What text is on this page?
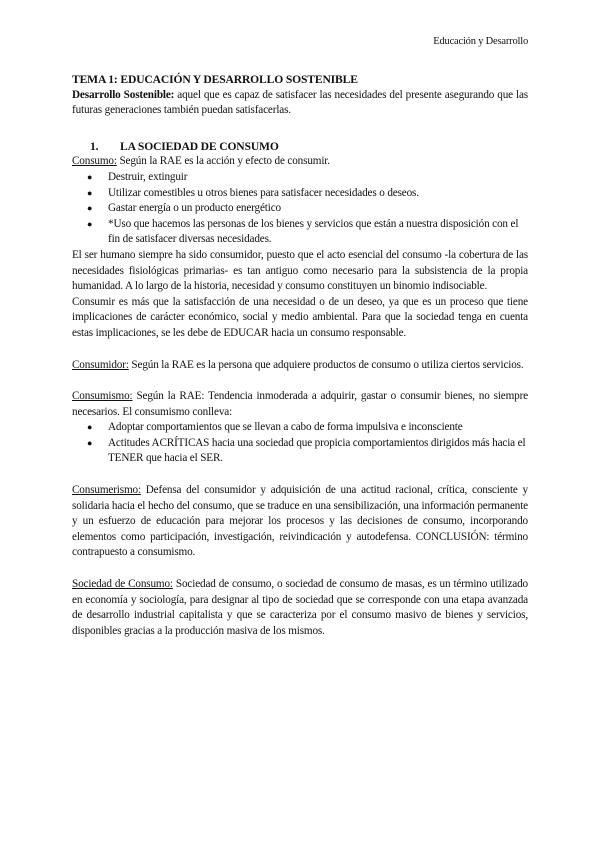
Educación y Desarrollo

TEMA 1: EDUCACIÓN Y DESARROLLO SOSTENIBLE

Desarrollo Sostenible: aquel que es capaz de satisfacer las necesidades del presente asegurando que las futuras generaciones también puedan satisfacerlas.

1.	LA SOCIEDAD DE CONSUMO

Consumo: Según la RAE es la acción y efecto de consumir.

● Destruir, extinguir
● Utilizar comestibles u otros bienes para satisfacer necesidades o deseos.
● Gastar energía o un producto energético
● *Uso que hacemos las personas de los bienes y servicios que están a nuestra disposición con el fin de satisfacer diversas necesidades.

El ser humano siempre ha sido consumidor, puesto que el acto esencial del consumo -la cobertura de las necesidades fisiológicas primarias- es tan antiguo como necesario para la subsistencia de la propia humanidad. A lo largo de la historia, necesidad y consumo constituyen un binomio indisociable.

Consumir es más que la satisfacción de una necesidad o de un deseo, ya que es un proceso que tiene implicaciones de carácter económico, social y medio ambiental. Para que la sociedad tenga en cuenta estas implicaciones, se les debe de EDUCAR hacia un consumo responsable.

Consumidor: Según la RAE es la persona que adquiere productos de consumo o utiliza ciertos servicios.

Consumismo: Según la RAE: Tendencia inmoderada a adquirir, gastar o consumir bienes, no siempre necesarios. El consumismo conlleva:

● Adoptar comportamientos que se llevan a cabo de forma impulsiva e inconsciente
● Actitudes ACRÍTICAS hacia una sociedad que propicia comportamientos dirigidos más hacia el TENER que hacia el SER.

Consumerismo: Defensa del consumidor y adquisición de una actitud racional, crítica, consciente y solidaria hacia el hecho del consumo, que se traduce en una sensibilización, una información permanente y un esfuerzo de educación para mejorar los procesos y las decisiones de consumo, incorporando elementos como participación, investigación, reivindicación y autodefensa. CONCLUSIÓN: término contrapuesto a consumismo.

Sociedad de Consumo: Sociedad de consumo, o sociedad de consumo de masas, es un término utilizado en economía y sociología, para designar al tipo de sociedad que se corresponde con una etapa avanzada de desarrollo industrial capitalista y que se caracteriza por el consumo masivo de bienes y servicios, disponibles gracias a la producción masiva de los mismos.
